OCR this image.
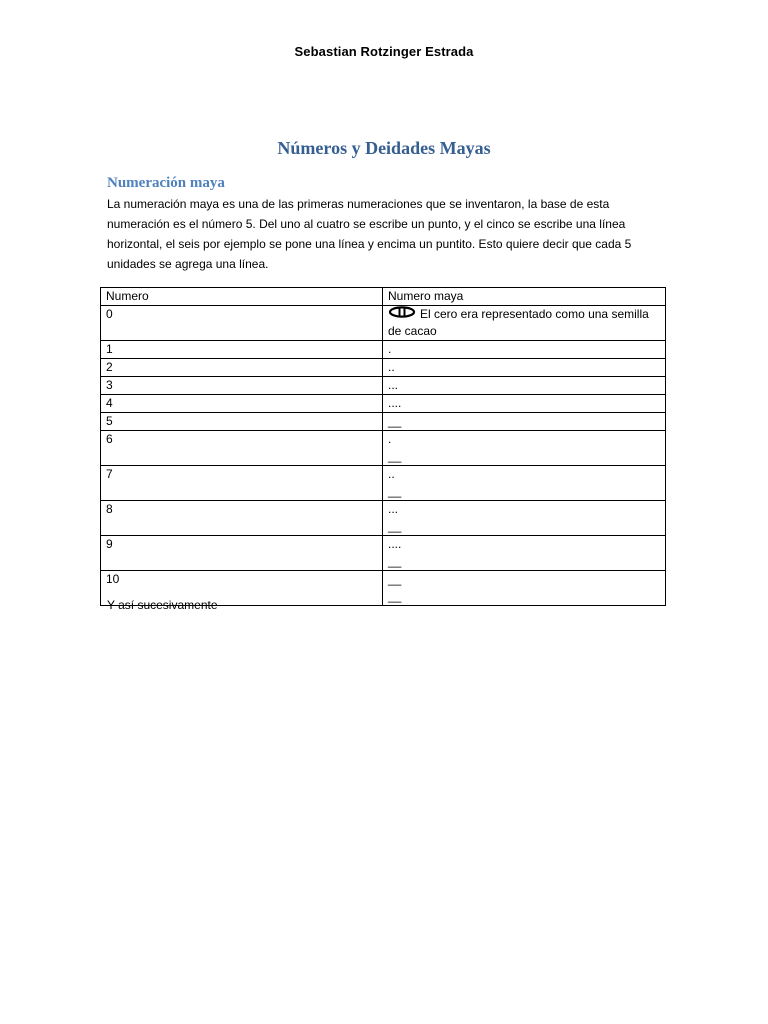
Sebastian Rotzinger Estrada
Números y Deidades Mayas
Numeración maya
La numeración maya es una de las primeras numeraciones que se inventaron, la base de esta numeración es el número 5. Del uno al cuatro se escribe un punto, y el cinco se escribe una línea horizontal, el seis por ejemplo se pone una línea y encima un puntito. Esto quiere decir que cada 5 unidades se agrega una línea.
Numero	Numero maya
0	El cero era representado como una semilla de cacao
1	.

2	..

3	...

4	....

5	__

6	.
__

7	..
__

8	...
__

9	....
__

10	__
__
Y así sucesivamente
